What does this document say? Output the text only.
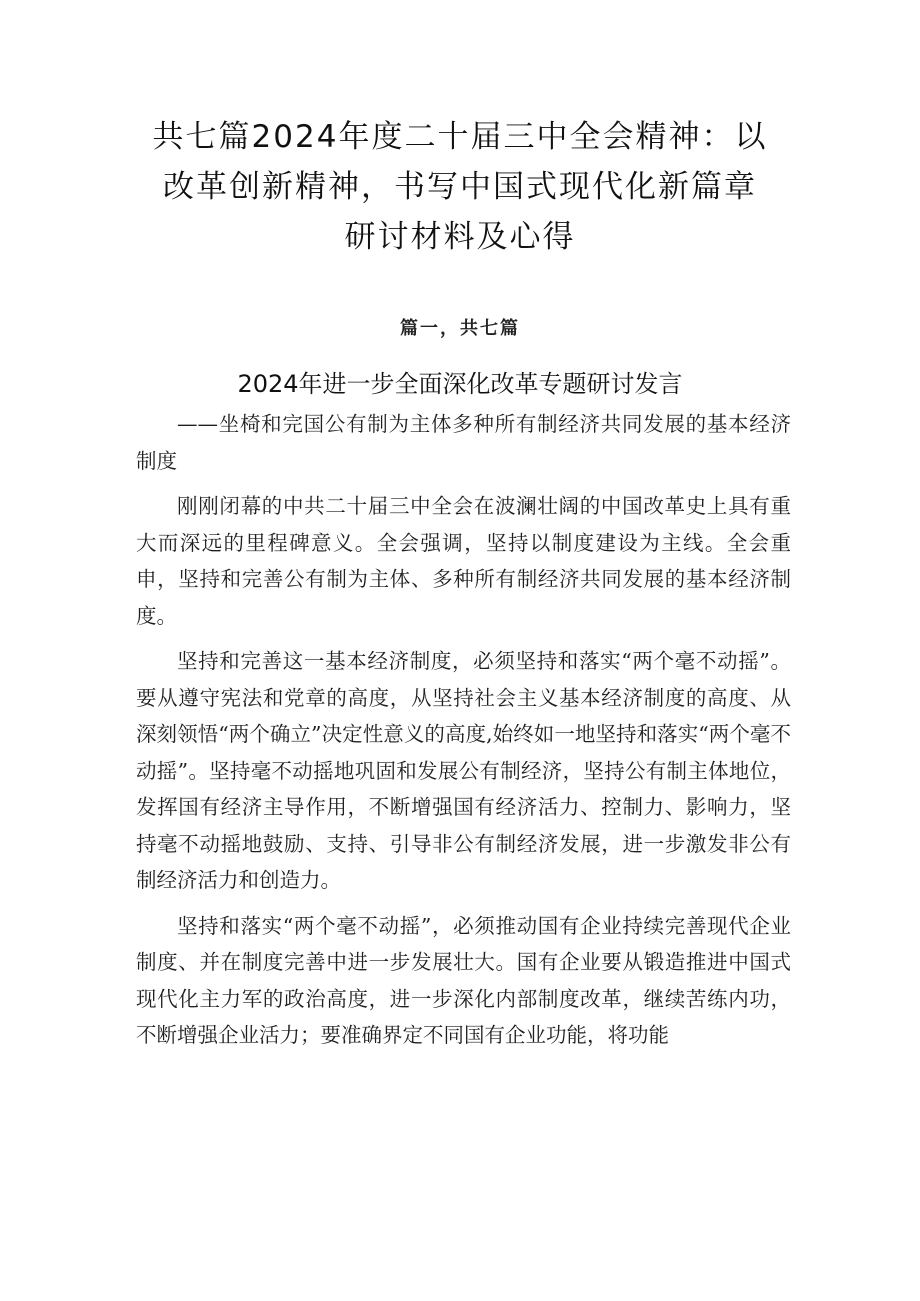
共七篇2024年度二十届三中全会精神：以改革创新精神，书写中国式现代化新篇章研讨材料及心得
篇一，共七篇
2024年进一步全面深化改革专题研讨发言

——坐椅和完国公有制为主体多种所有制经济共同发展的基本经济制度

刚刚闭幕的中共二十届三中全会在波澜壮阔的中国改革史上具有重大而深远的里程碑意义。全会强调，坚持以制度建设为主线。全会重申，坚持和完善公有制为主体、多种所有制经济共同发展的基本经济制度。

坚持和完善这一基本经济制度，必须坚持和落实“两个毫不动摇”。要从遵守宪法和党章的高度，从坚持社会主义基本经济制度的高度、从深刻领悟“两个确立”决定性意义的高度,始终如一地坚持和落实“两个毫不动摇”。坚持毫不动摇地巩固和发展公有制经济，坚持公有制主体地位，发挥国有经济主导作用，不断增强国有经济活力、控制力、影响力，坚持毫不动摇地鼓励、支持、引导非公有制经济发展，进一步激发非公有制经济活力和创造力。

坚持和落实“两个毫不动摇”，必须推动国有企业持续完善现代企业制度、并在制度完善中进一步发展壮大。国有企业要从锻造推进中国式现代化主力军的政治高度，进一步深化内部制度改革，继续苦练内功，不断增强企业活力；要准确界定不同国有企业功能，将功能
